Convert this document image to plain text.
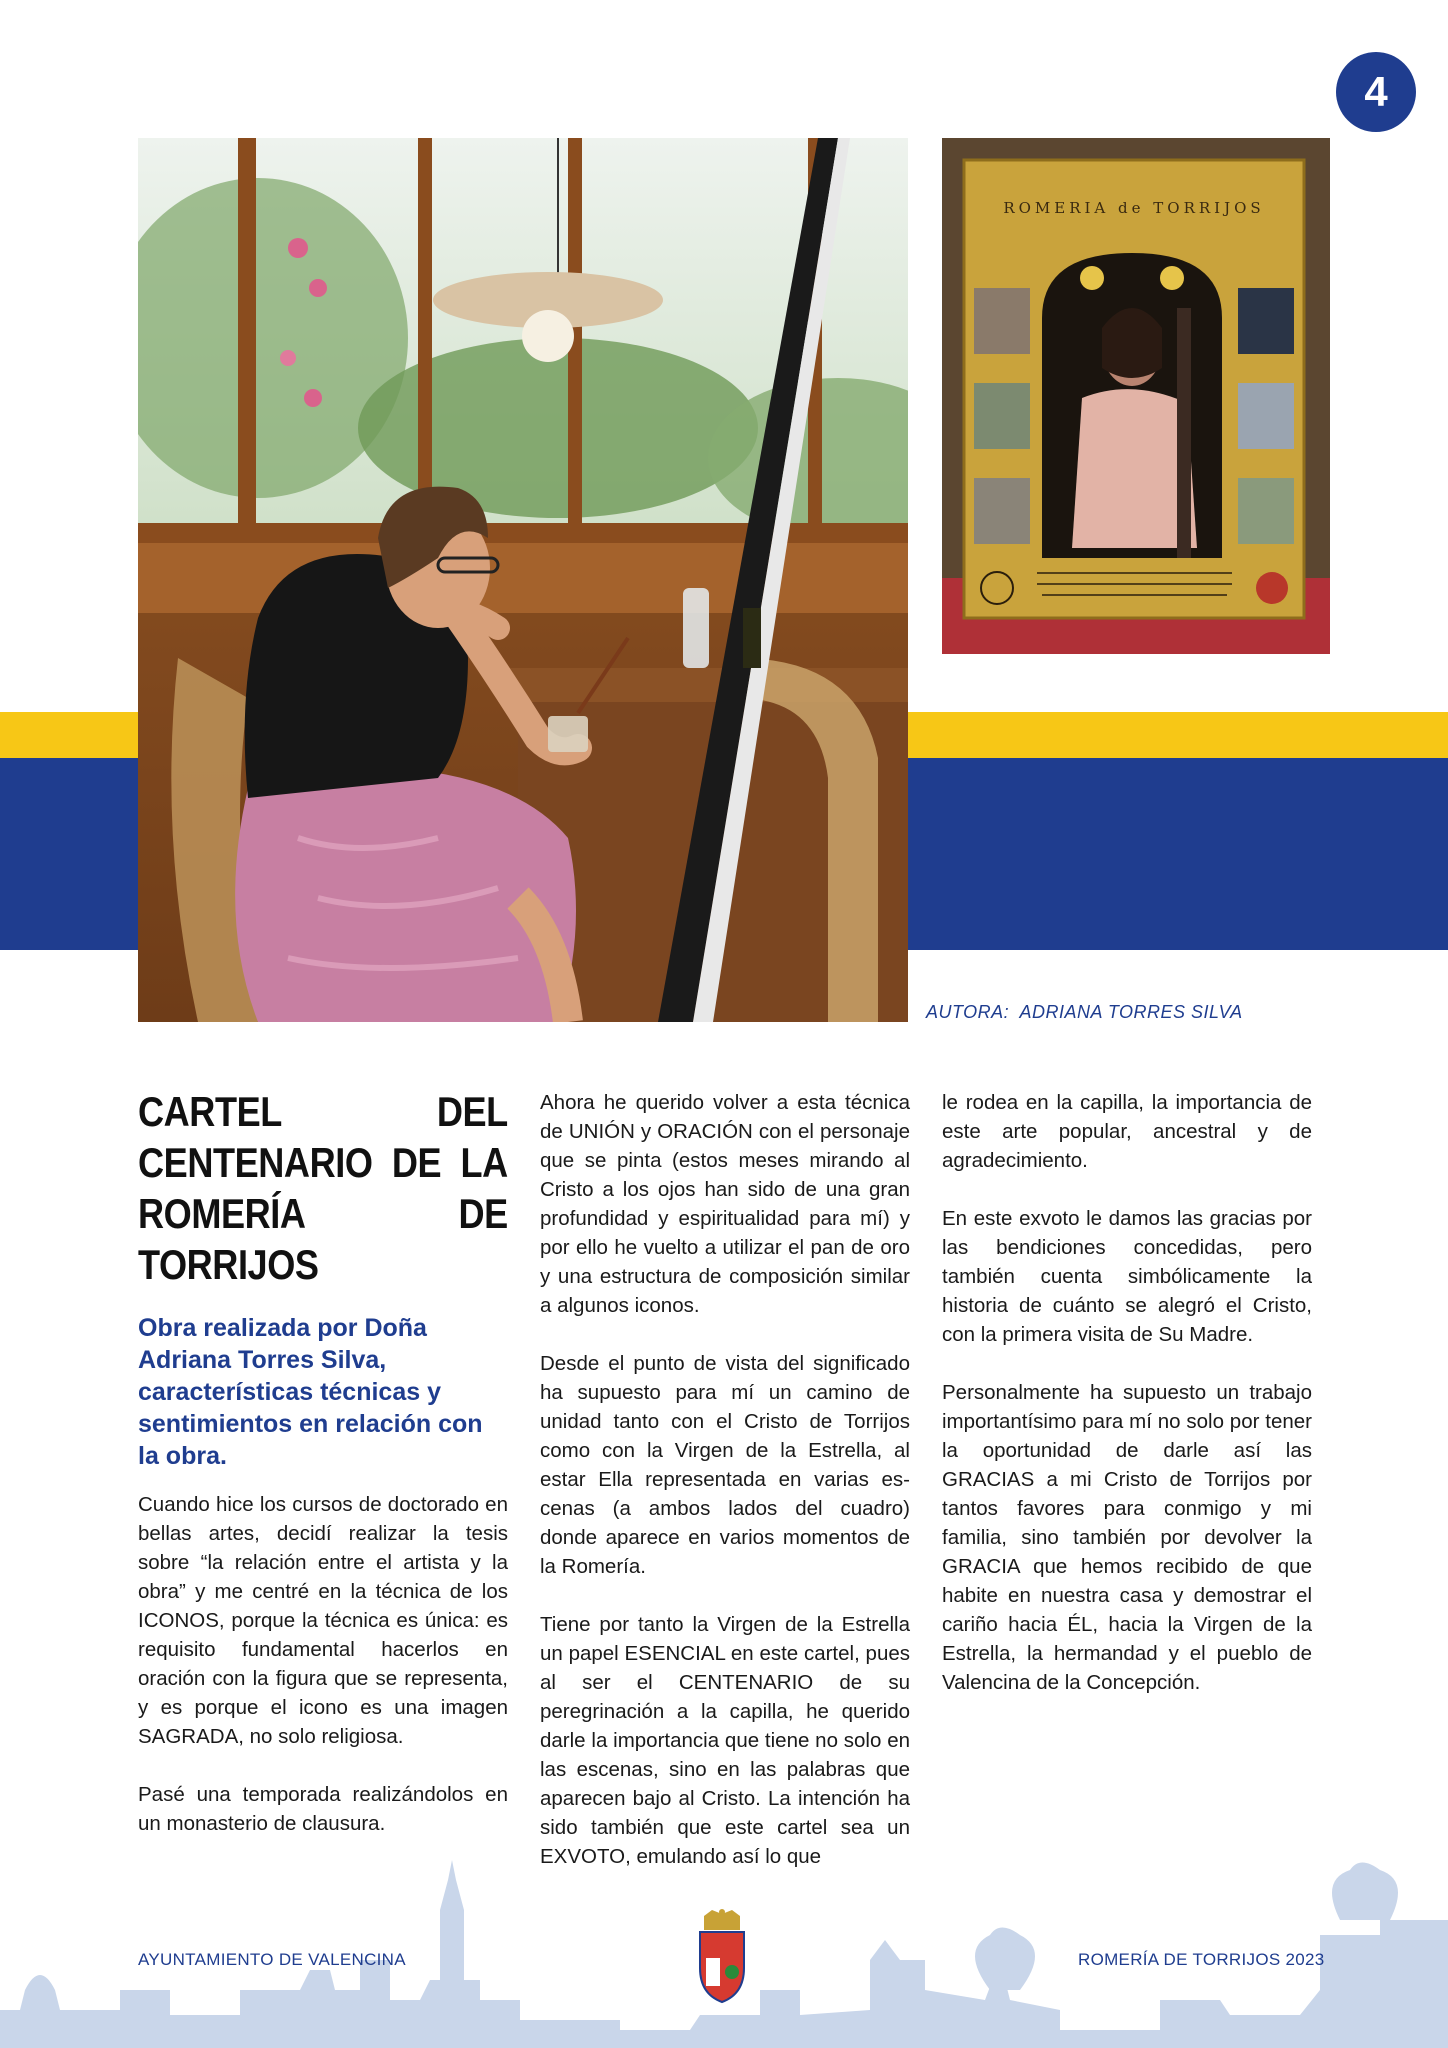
4
ROMERIA de TORRIJOS
AUTORA:  ADRIANA TORRES SILVA
CARTEL DEL CENTENARIO DE LA ROMERÍA DE TORRIJOS
Obra realizada por Doña Adriana Torres Silva, características técnicas y sentimientos en relación con la obra.

Cuando hice los cursos de doctorado en bellas artes, decidí realizar la tesis sobre “la relación entre el artista y la obra” y me centré en la técnica de los ICONOS, porque la técnica es única: es requisito fundamental hacerlos en oración con la figura que se representa, y es porque el icono es una imagen SAGRADA, no solo religiosa.

Pasé una temporada realizándolos en un monasterio de clausura.

Ahora he querido volver a esta técnica de UNIÓN y ORACIÓN con el personaje que se pinta (estos meses mirando al Cristo a los ojos han sido de una gran profundidad y espiritualidad para mí) y por ello he vuelto a utilizar el pan de oro y una estructura de composición similar a algunos iconos.

Desde el punto de vista del significado ha supuesto para mí un camino de unidad tanto con el Cristo de Torrijos como con la Virgen de la Estrella, al estar Ella representada en varias escenas (a ambos lados del cuadro) donde aparece en varios momentos de la Romería.

Tiene por tanto la Virgen de la Estrella un papel ESENCIAL en este cartel, pues al ser el CENTENARIO de su peregrinación a la capilla, he querido darle la importancia que tiene no solo en las escenas, sino en las palabras que aparecen bajo al Cristo. La intención ha sido también que este cartel sea un EXVOTO, emulando así lo que

le rodea en la capilla, la importancia de este arte popular, ancestral y de agradecimiento.

En este exvoto le damos las gracias por las bendiciones concedidas, pero también cuenta simbólicamente la historia de cuánto se alegró el Cristo, con la primera visita de Su Madre.

Personalmente ha supuesto un trabajo importantísimo para mí no solo por tener la oportunidad de darle así las GRACIAS a mi Cristo de Torrijos por tantos favores para conmigo y mi familia, sino también por devolver la GRACIA que hemos recibido de que habite en nuestra casa y demostrar el cariño hacia ÉL, hacia la Virgen de la Estrella, la hermandad y el pueblo de Valencina de la Concepción.

AYUNTAMIENTO DE VALENCINA	ROMERÍA DE TORRIJOS 2023
